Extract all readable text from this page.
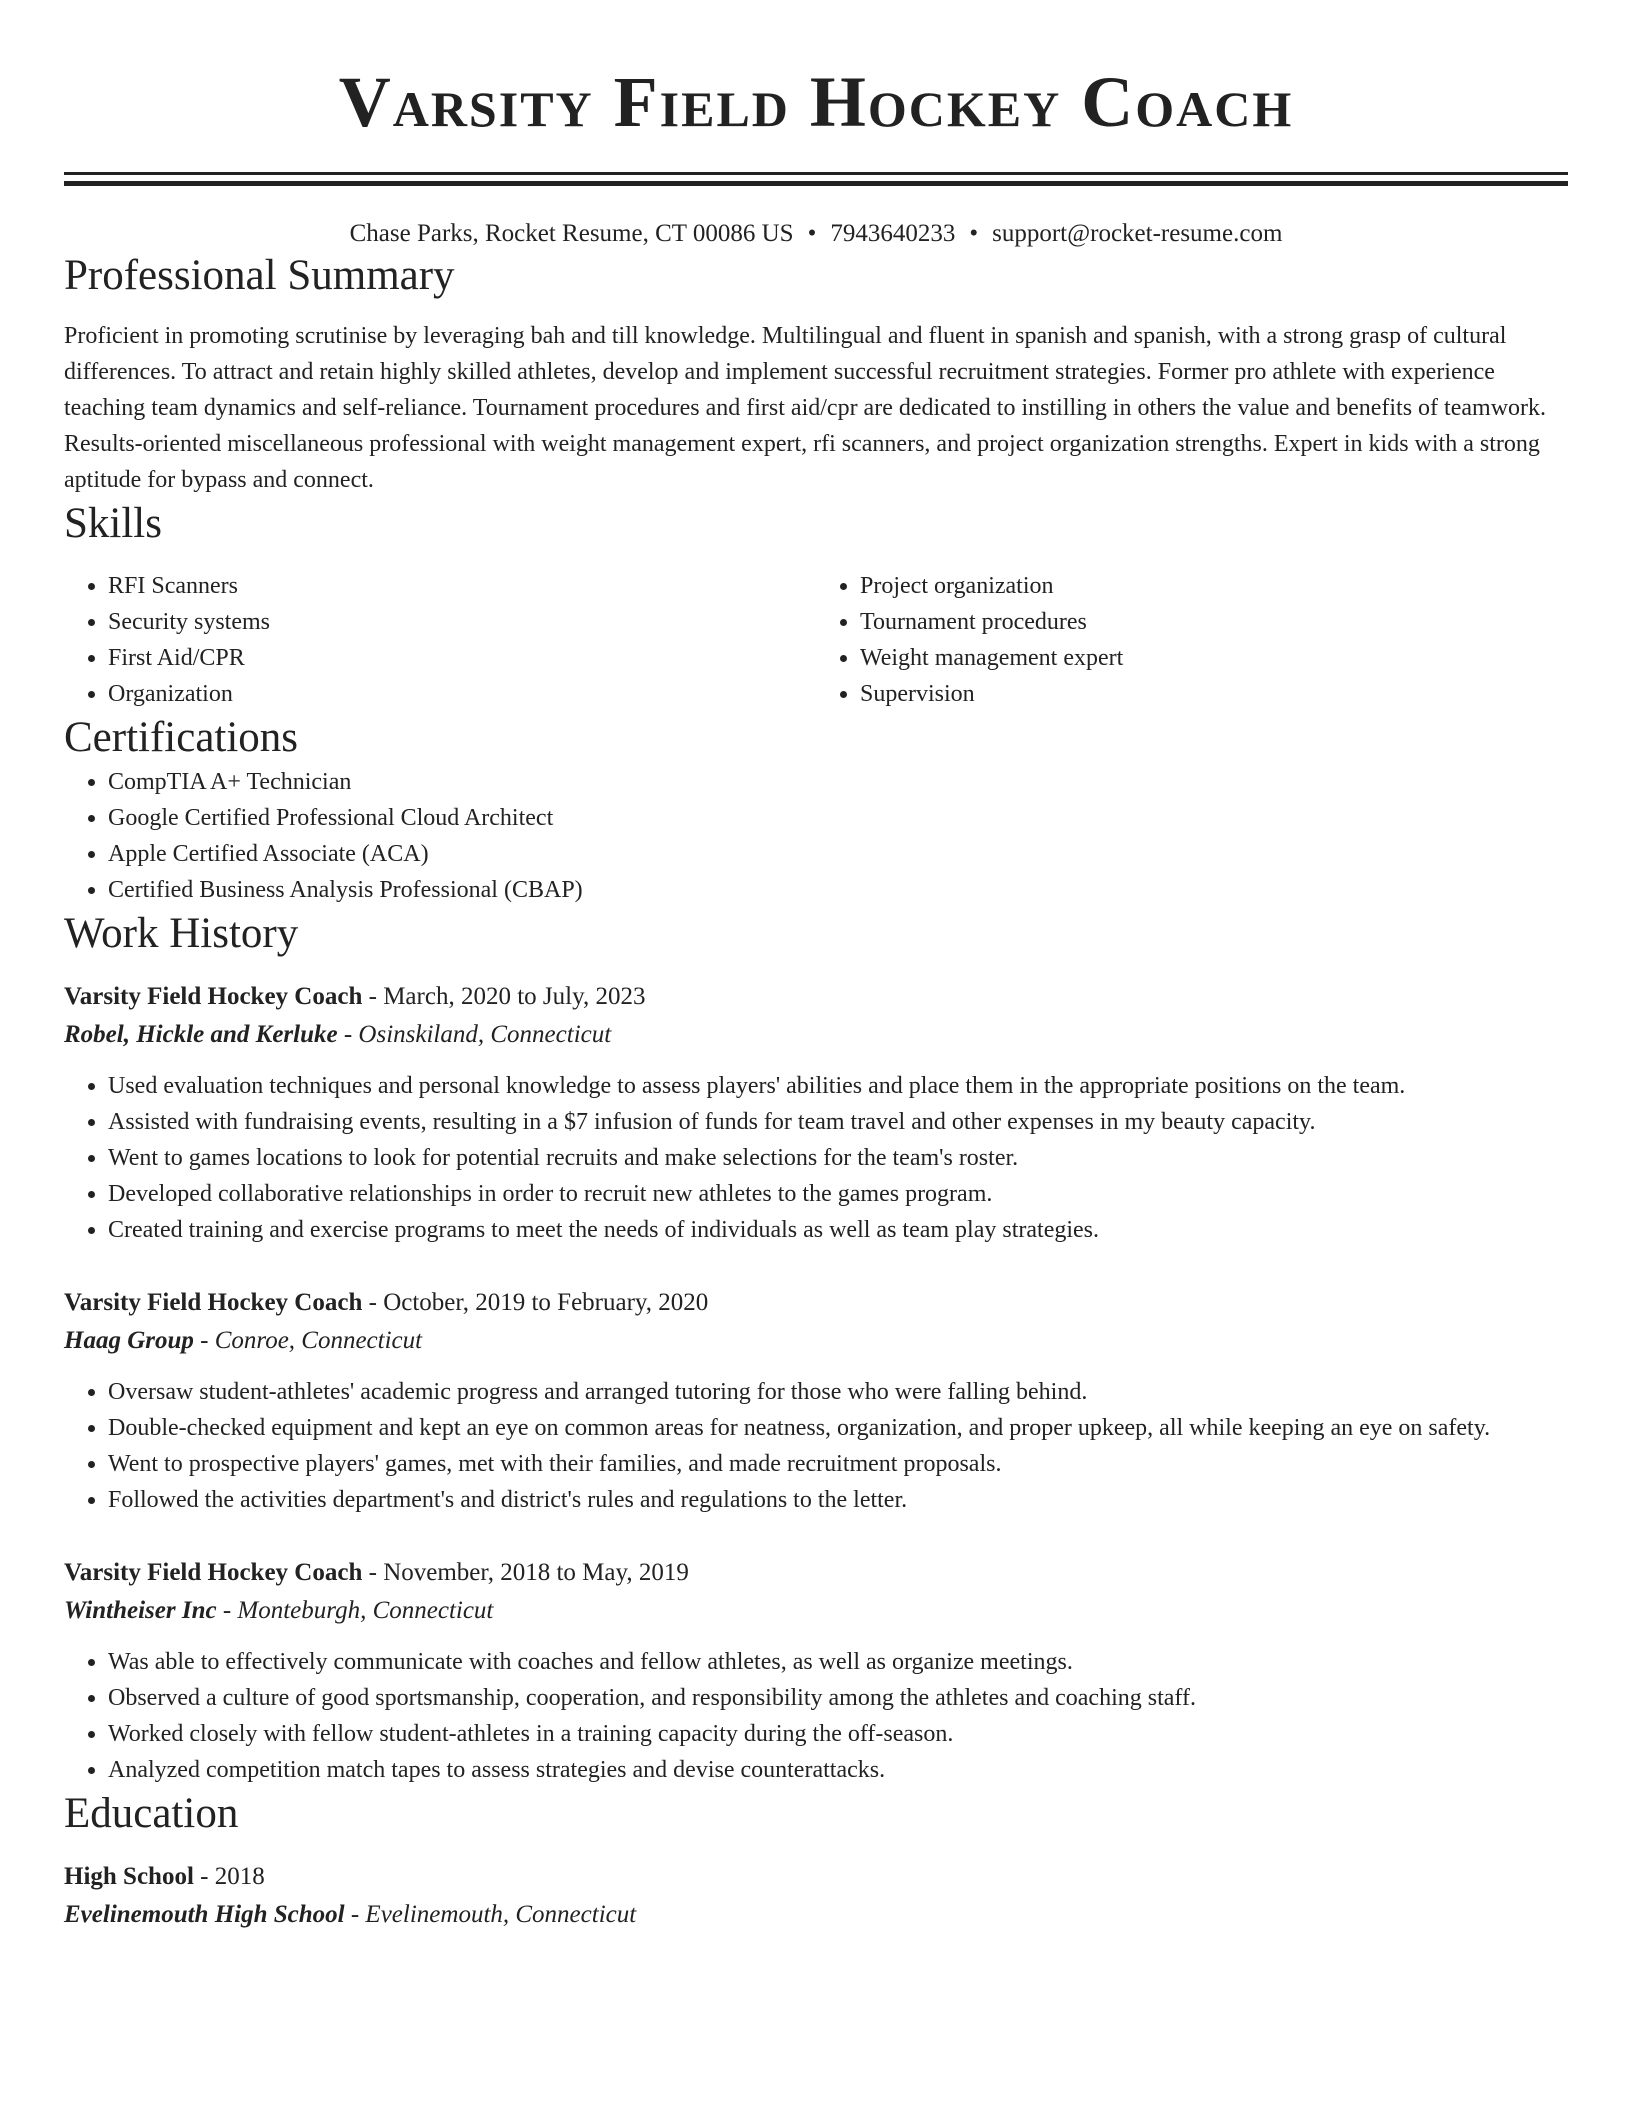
Varsity Field Hockey Coach
Chase Parks, Rocket Resume, CT 00086 US • 7943640233 • support@rocket-resume.com
Professional Summary
Proficient in promoting scrutinise by leveraging bah and till knowledge. Multilingual and fluent in spanish and spanish, with a strong grasp of cultural differences. To attract and retain highly skilled athletes, develop and implement successful recruitment strategies. Former pro athlete with experience teaching team dynamics and self-reliance. Tournament procedures and first aid/cpr are dedicated to instilling in others the value and benefits of teamwork. Results-oriented miscellaneous professional with weight management expert, rfi scanners, and project organization strengths. Expert in kids with a strong aptitude for bypass and connect.
Skills
• RFI Scanners
• Security systems
• First Aid/CPR
• Organization
• Project organization
• Tournament procedures
• Weight management expert
• Supervision
Certifications
• CompTIA A+ Technician
• Google Certified Professional Cloud Architect
• Apple Certified Associate (ACA)
• Certified Business Analysis Professional (CBAP)
Work History
Varsity Field Hockey Coach - March, 2020 to July, 2023
Robel, Hickle and Kerluke - Osinskiland, Connecticut
• Used evaluation techniques and personal knowledge to assess players' abilities and place them in the appropriate positions on the team.
• Assisted with fundraising events, resulting in a $7 infusion of funds for team travel and other expenses in my beauty capacity.
• Went to games locations to look for potential recruits and make selections for the team's roster.
• Developed collaborative relationships in order to recruit new athletes to the games program.
• Created training and exercise programs to meet the needs of individuals as well as team play strategies.
Varsity Field Hockey Coach - October, 2019 to February, 2020
Haag Group - Conroe, Connecticut
• Oversaw student-athletes' academic progress and arranged tutoring for those who were falling behind.
• Double-checked equipment and kept an eye on common areas for neatness, organization, and proper upkeep, all while keeping an eye on safety.
• Went to prospective players' games, met with their families, and made recruitment proposals.
• Followed the activities department's and district's rules and regulations to the letter.
Varsity Field Hockey Coach - November, 2018 to May, 2019
Wintheiser Inc - Monteburgh, Connecticut
• Was able to effectively communicate with coaches and fellow athletes, as well as organize meetings.
• Observed a culture of good sportsmanship, cooperation, and responsibility among the athletes and coaching staff.
• Worked closely with fellow student-athletes in a training capacity during the off-season.
• Analyzed competition match tapes to assess strategies and devise counterattacks.
Education
High School - 2018
Evelinemouth High School - Evelinemouth, Connecticut
